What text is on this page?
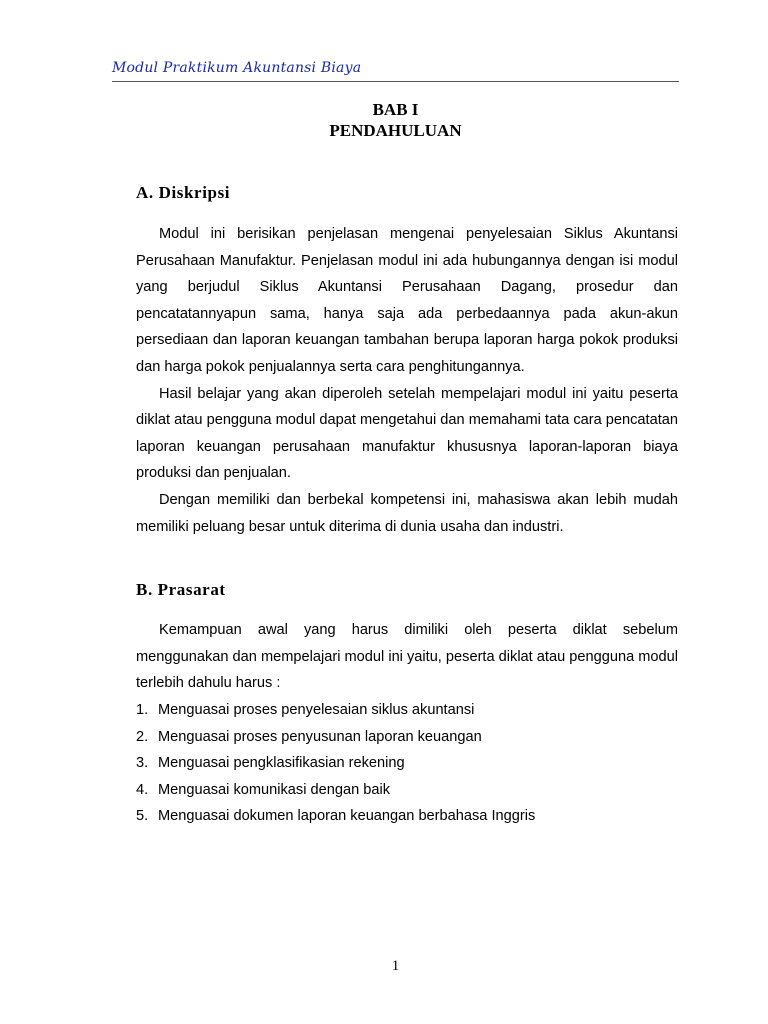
Modul Praktikum Akuntansi Biaya
BAB I
PENDAHULUAN
A. Diskripsi

Modul ini berisikan penjelasan mengenai penyelesaian Siklus Akuntansi Perusahaan Manufaktur. Penjelasan modul ini ada hubungannya dengan isi modul yang berjudul Siklus Akuntansi Perusahaan Dagang, prosedur dan pencatatannyapun sama, hanya saja ada perbedaannya pada akun-akun persediaan dan laporan keuangan tambahan berupa laporan harga pokok produksi dan harga pokok penjualannya serta cara penghitungannya.

Hasil belajar yang akan diperoleh setelah mempelajari modul ini yaitu peserta diklat atau pengguna modul dapat mengetahui dan memahami tata cara pencatatan laporan keuangan perusahaan manufaktur khususnya laporan-laporan biaya produksi dan penjualan.

Dengan memiliki dan berbekal kompetensi ini, mahasiswa akan lebih mudah memiliki peluang besar untuk diterima di dunia usaha dan industri.

B. Prasarat

Kemampuan awal yang harus dimiliki oleh peserta diklat sebelum menggunakan dan mempelajari modul ini yaitu, peserta diklat atau pengguna modul terlebih dahulu harus :

1. Menguasai proses penyelesaian siklus akuntansi
2. Menguasai proses penyusunan laporan keuangan
3. Menguasai pengklasifikasian rekening
4. Menguasai komunikasi dengan baik
5. Menguasai dokumen laporan keuangan berbahasa Inggris
1
